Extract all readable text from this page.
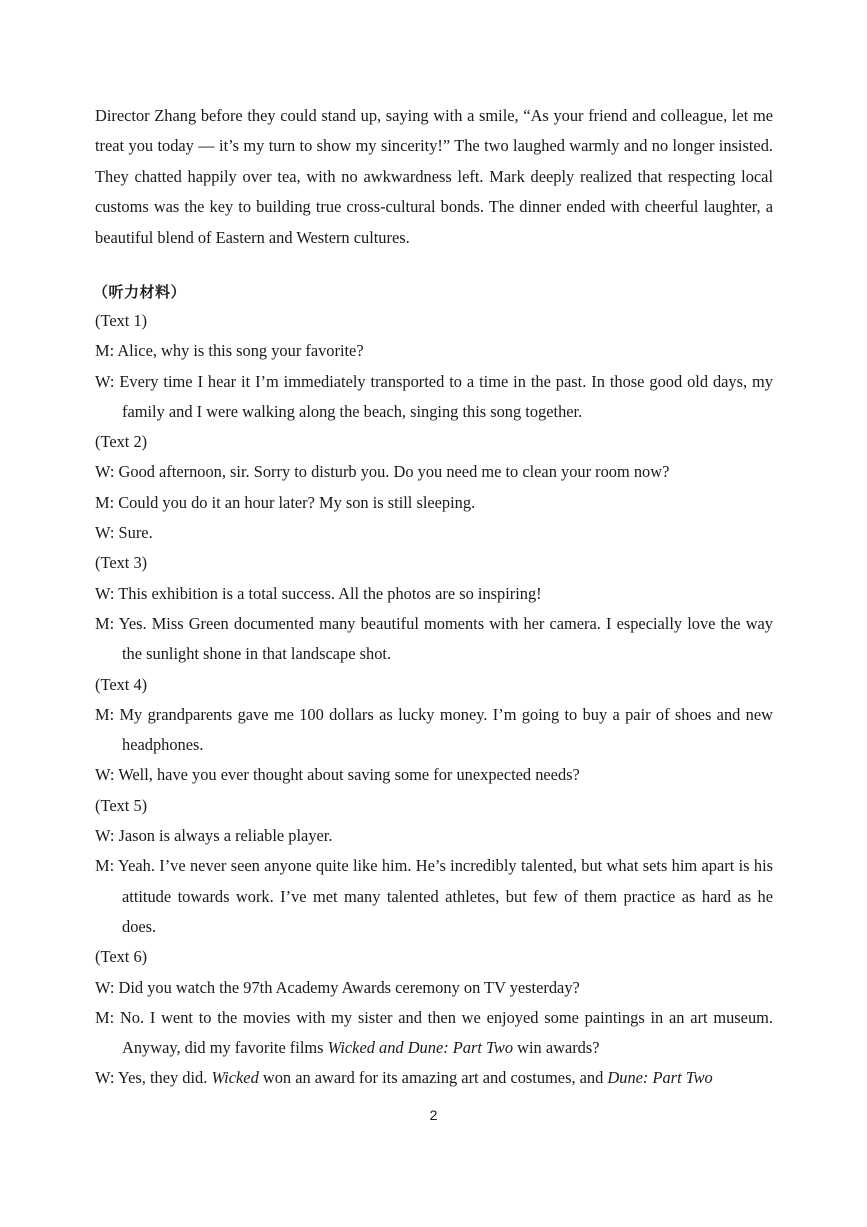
Director Zhang before they could stand up, saying with a smile, “As your friend and colleague, let me treat you today — it’s my turn to show my sincerity!” The two laughed warmly and no longer insisted. They chatted happily over tea, with no awkwardness left. Mark deeply realized that respecting local customs was the key to building true cross-cultural bonds. The dinner ended with cheerful laughter, a beautiful blend of Eastern and Western cultures.

（听力材料）

(Text 1)

M: Alice, why is this song your favorite?

W: Every time I hear it I’m immediately transported to a time in the past. In those good old days, my family and I were walking along the beach, singing this song together.

(Text 2)

W: Good afternoon, sir. Sorry to disturb you. Do you need me to clean your room now?

M: Could you do it an hour later? My son is still sleeping.

W: Sure.

(Text 3)

W: This exhibition is a total success. All the photos are so inspiring!

M: Yes. Miss Green documented many beautiful moments with her camera. I especially love the way the sunlight shone in that landscape shot.

(Text 4)

M: My grandparents gave me 100 dollars as lucky money. I’m going to buy a pair of shoes and new headphones.

W: Well, have you ever thought about saving some for unexpected needs?

(Text 5)

W: Jason is always a reliable player.

M: Yeah. I’ve never seen anyone quite like him. He’s incredibly talented, but what sets him apart is his attitude towards work. I’ve met many talented athletes, but few of them practice as hard as he does.

(Text 6)

W: Did you watch the 97th Academy Awards ceremony on TV yesterday?

M: No. I went to the movies with my sister and then we enjoyed some paintings in an art museum. Anyway, did my favorite films Wicked and Dune: Part Two win awards?

W: Yes, they did. Wicked won an award for its amazing art and costumes, and Dune: Part Two

2
